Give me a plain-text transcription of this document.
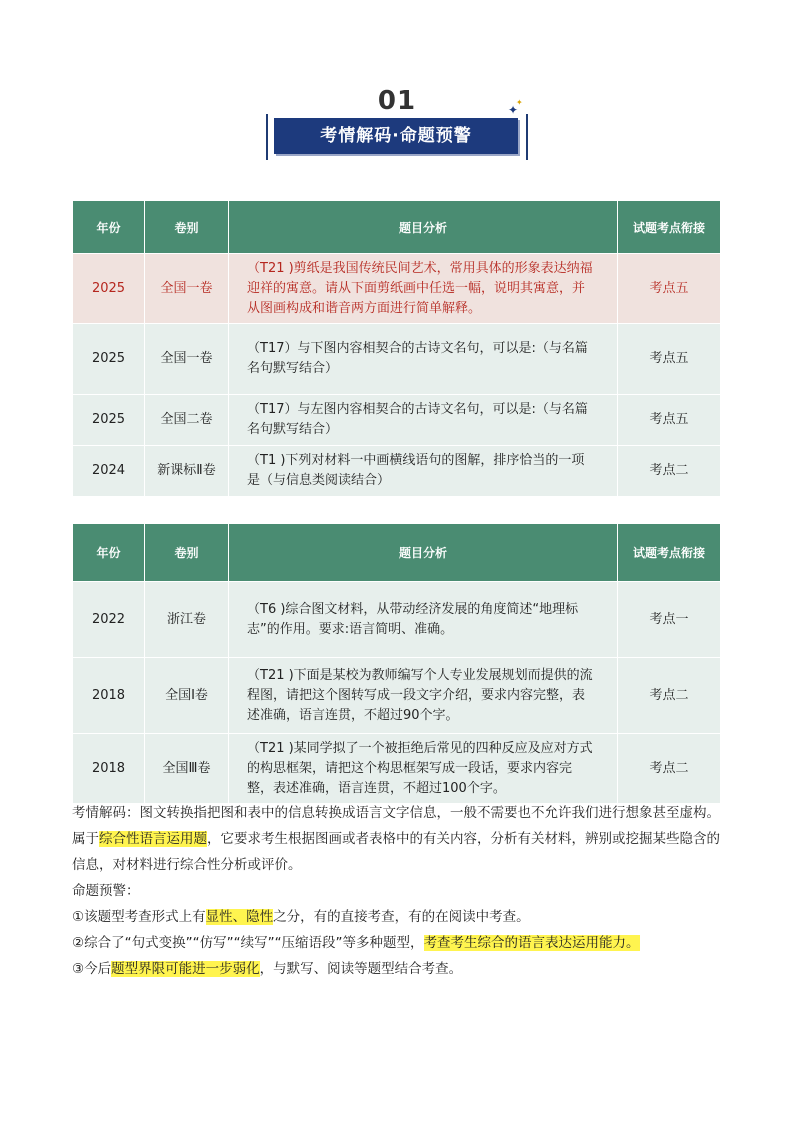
01	✦
✦
考情解码·命题预警
年份	卷别	题目分析	试题考点衔接
2025	全国一卷	（T21 )剪纸是我国传统民间艺术，常用具体的形象表达纳福迎祥的寓意。请从下面剪纸画中任选一幅，说明其寓意，并从图画构成和谐音两方面进行简单解释。	考点五
2025	全国一卷	（T17）与下图内容相契合的古诗文名句，可以是:（与名篇名句默写结合）	考点五
2025	全国二卷	（T17）与左图内容相契合的古诗文名句，可以是:（与名篇名句默写结合）	考点五
2024	新课标Ⅱ卷	（T1 )下列对材料一中画横线语句的图解，排序恰当的一项是（与信息类阅读结合）	考点二
年份	卷别	题目分析	试题考点衔接
2022	浙江卷	（T6 )综合图文材料，从带动经济发展的角度简述“地理标志”的作用。要求:语言简明、准确。	考点一
2018	全国Ⅰ卷	（T21 )下面是某校为教师编写个人专业发展规划而提供的流程图，请把这个图转写成一段文字介绍，要求内容完整，表述准确，语言连贯，不超过90个字。	考点二
2018	全国Ⅲ卷	（T21 )某同学拟了一个被拒绝后常见的四种反应及应对方式的构思框架，请把这个构思框架写成一段话，要求内容完整，表述准确，语言连贯，不超过100个字。	考点二

考情解码：图文转换指把图和表中的信息转换成语言文字信息，一般不需要也不允许我们进行想象甚至虚构。属于综合性语言运用题，它要求考生根据图画或者表格中的有关内容，分析有关材料，辨别或挖掘某些隐含的信息，对材料进行综合性分析或评价。

命题预警：

①该题型考查形式上有显性、隐性之分，有的直接考查，有的在阅读中考查。

②综合了“句式变换”“仿写”“续写”“压缩语段”等多种题型，考查考生综合的语言表达运用能力。

③今后题型界限可能进一步弱化，与默写、阅读等题型结合考查。
